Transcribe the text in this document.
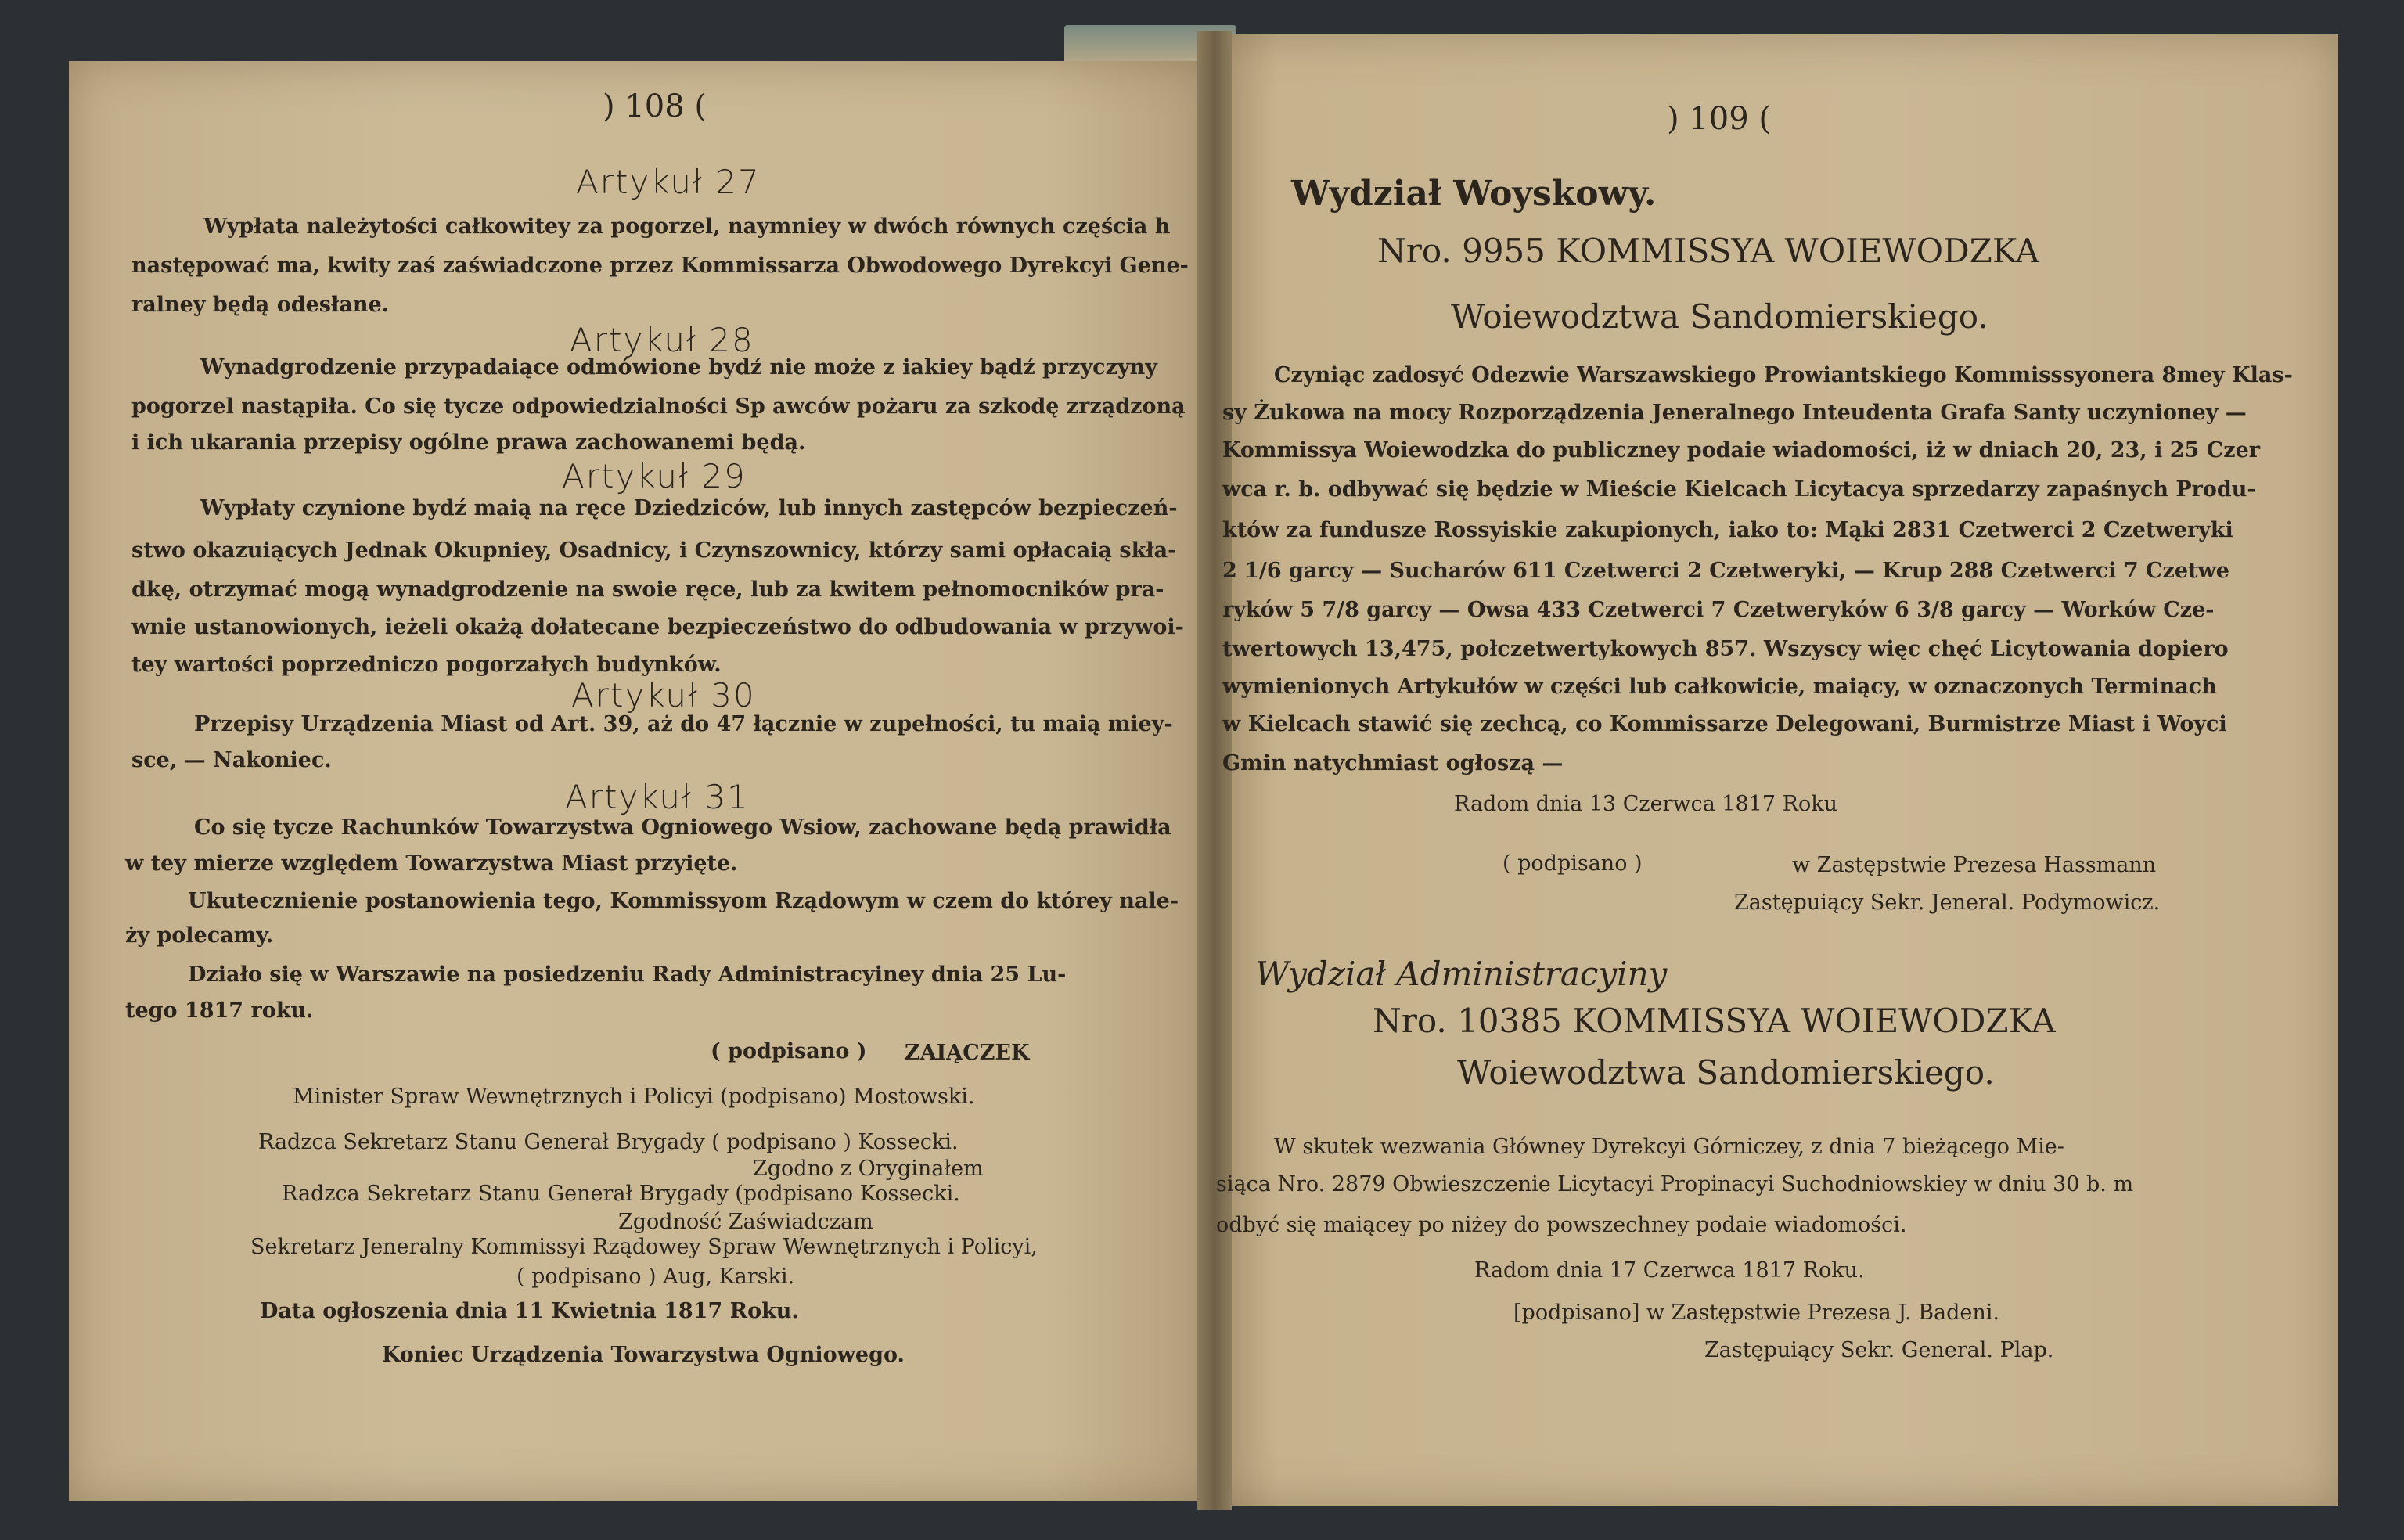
) 108 (
Artykuł 27
Wypłata należytości całkowitey za pogorzel, naymniey w dwóch równych częścia h
następować ma, kwity zaś zaświadczone przez Kommissarza Obwodowego Dyrekcyi Gene-
ralney będą odesłane.
Artykuł 28
Wynadgrodzenie przypadaiące odmówione bydź nie może z iakiey bądź przyczyny
pogorzel nastąpiła. Co się tycze odpowiedzialności Sp awców pożaru za szkodę zrządzoną
i ich ukarania przepisy ogólne prawa zachowanemi będą.
Artykuł 29
Wypłaty czynione bydź maią na ręce Dziedziców, lub innych zastępców bezpieczeń-
stwo okazuiących Jednak Okupniey, Osadnicy, i Czynszownicy, którzy sami opłacaią skła-
dkę, otrzymać mogą wynadgrodzenie na swoie ręce, lub za kwitem pełnomocników pra-
wnie ustanowionych, ieżeli okażą dołatecane bezpieczeństwo do odbudowania w przywoi-
tey wartości poprzedniczo pogorzałych budynków.
Artykuł 30
Przepisy Urządzenia Miast od Art. 39, aż do 47 łącznie w zupełności, tu maią miey-
sce, — Nakoniec.
Artykuł 31
Co się tycze Rachunków Towarzystwa Ogniowego Wsiow, zachowane będą prawidła
w tey mierze względem Towarzystwa Miast przyięte.
Ukutecznienie postanowienia tego, Kommissyom Rządowym w czem do którey nale-
ży polecamy.
Działo się w Warszawie na posiedzeniu Rady Administracyiney dnia 25 Lu-
tego 1817 roku.
( podpisano ) ZAIĄCZEK
Minister Spraw Wewnętrznych i Policyi (podpisano) Mostowski.
Radzca Sekretarz Stanu Generał Brygady ( podpisano ) Kossecki.
Zgodno z Oryginałem
Radzca Sekretarz Stanu Generał Brygady (podpisano Kossecki.
Zgodność Zaświadczam
Sekretarz Jeneralny Kommissyi Rządowey Spraw Wewnętrznych i Policyi,
( podpisano ) Aug, Karski.
Data ogłoszenia dnia 11 Kwietnia 1817 Roku.
Koniec Urządzenia Towarzystwa Ogniowego.
) 109 (
Wydział Woyskowy.
Nro. 9955 KOMMISSYA WOIEWODZKA
Woiewodztwa Sandomierskiego.
Czyniąc zadosyć Odezwie Warszawskiego Prowiantskiego Kommisssyonera 8mey Klas-
sy Żukowa na mocy Rozporządzenia Jeneralnego Inteudenta Grafa Santy uczynioney —
Kommissya Woiewodzka do publiczney podaie wiadomości, iż w dniach 20, 23, i 25 Czer
wca r. b. odbywać się będzie w Mieście Kielcach Licytacya sprzedarzy zapaśnych Produ-
któw za fundusze Rossyiskie zakupionych, iako to: Mąki 2831 Czetwerci 2 Czetweryki
2 1/6 garcy — Sucharów 611 Czetwerci 2 Czetweryki, — Krup 288 Czetwerci 7 Czetwe
ryków 5 7/8 garcy — Owsa 433 Czetwerci 7 Czetweryków 6 3/8 garcy — Worków Cze-
twertowych 13,475, połczetwertykowych 857. Wszyscy więc chęć Licytowania dopiero
wymienionych Artykułów w części lub całkowicie, maiący, w oznaczonych Terminach
w Kielcach stawić się zechcą, co Kommissarze Delegowani, Burmistrze Miast i Woyci
Gmin natychmiast ogłoszą —
Radom dnia 13 Czerwca 1817 Roku
( podpisano )	w Zastępstwie Prezesa Hassmann
Zastępuiący Sekr. Jeneral. Podymowicz.
Wydział Administracyiny
Nro. 10385 KOMMISSYA WOIEWODZKA
Woiewodztwa Sandomierskiego.
W skutek wezwania Główney Dyrekcyi Górniczey, z dnia 7 bieżącego Mie-
siąca Nro. 2879 Obwieszczenie Licytacyi Propinacyi Suchodniowskiey w dniu 30 b. m
odbyć się maiącey po niżey do powszechney podaie wiadomości.
Radom dnia 17 Czerwca 1817 Roku.
[podpisano] w Zastępstwie Prezesa J. Badeni.
Zastępuiący Sekr. General. Plap.
